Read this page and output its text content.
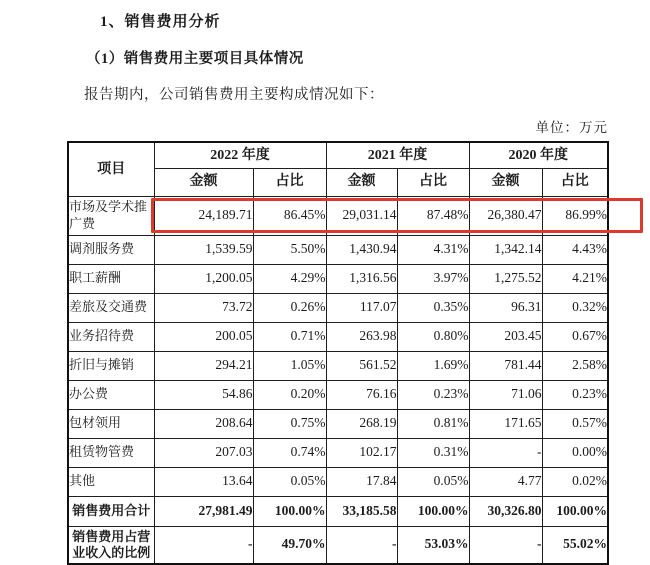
1、销售费用分析
（1）销售费用主要项目具体情况
报告期内，公司销售费用主要构成情况如下：
单位：万元
项目	2022 年度		2021 年度		2020 年度	
	金额	占比	金额	占比	金额	占比
市场及学术推广费	24,189.71	86.45%	29,031.14	87.48%	26,380.47	86.99%
调剂服务费	1,539.59	5.50%	1,430.94	4.31%	1,342.14	4.43%
职工薪酬	1,200.05	4.29%	1,316.56	3.97%	1,275.52	4.21%
差旅及交通费	73.72	0.26%	117.07	0.35%	96.31	0.32%
业务招待费	200.05	0.71%	263.98	0.80%	203.45	0.67%
折旧与摊销	294.21	1.05%	561.52	1.69%	781.44	2.58%
办公费	54.86	0.20%	76.16	0.23%	71.06	0.23%
包材领用	208.64	0.75%	268.19	0.81%	171.65	0.57%
租赁物管费	207.03	0.74%	102.17	0.31%	-	0.00%
其他	13.64	0.05%	17.84	0.05%	4.77	0.02%
销售费用合计	27,981.49	100.00%	33,185.58	100.00%	30,326.80	100.00%
销售费用占营业收入的比例	-	49.70%	-	53.03%	-	55.02%
